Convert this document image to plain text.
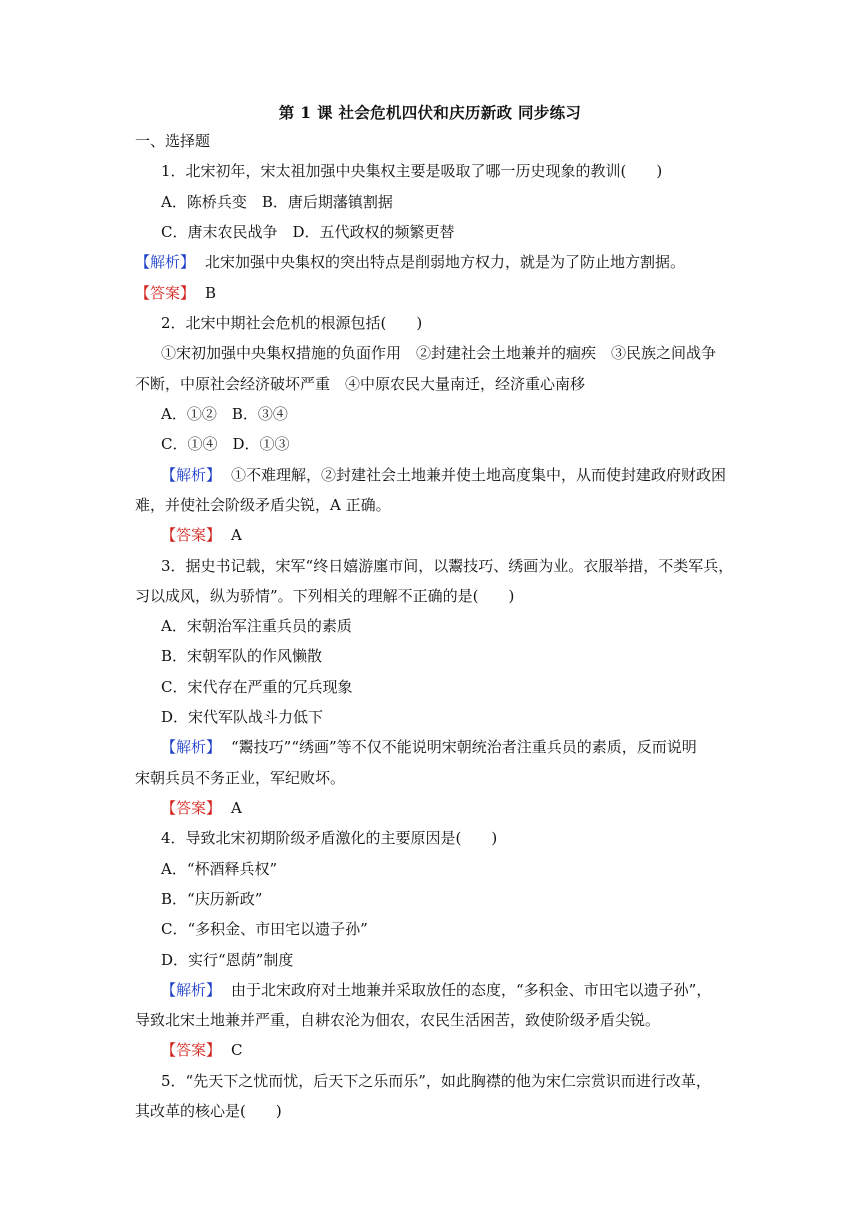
第 1 课 社会危机四伏和庆历新政 同步练习
一、选择题
1．北宋初年，宋太祖加强中央集权主要是吸取了哪一历史现象的教训(　　)
A．陈桥兵变　B．唐后期藩镇割据
C．唐末农民战争　D．五代政权的频繁更替
【解析】 北宋加强中央集权的突出特点是削弱地方权力，就是为了防止地方割据。
【答案】 B
2．北宋中期社会危机的根源包括(　　)
①宋初加强中央集权措施的负面作用　②封建社会土地兼并的痼疾　③民族之间战争
不断，中原社会经济破坏严重　④中原农民大量南迁，经济重心南移
A．①②　B．③④
C．①④　D．①③
【解析】 ①不难理解，②封建社会土地兼并使土地高度集中，从而使封建政府财政困
难，并使社会阶级矛盾尖锐，A 正确。
【答案】 A
3．据史书记载，宋军“终日嬉游廛市间，以鬻技巧、绣画为业。衣服举措，不类军兵，
习以成风，纵为骄情”。下列相关的理解不正确的是(　　)
A．宋朝治军注重兵员的素质
B．宋朝军队的作风懒散
C．宋代存在严重的冗兵现象
D．宋代军队战斗力低下
【解析】 “鬻技巧”“绣画”等不仅不能说明宋朝统治者注重兵员的素质，反而说明
宋朝兵员不务正业，军纪败坏。
【答案】 A
4．导致北宋初期阶级矛盾激化的主要原因是(　　)
A．“杯酒释兵权”
B．“庆历新政”
C．“多积金、市田宅以遗子孙”
D．实行“恩荫”制度
【解析】 由于北宋政府对土地兼并采取放任的态度，“多积金、市田宅以遗子孙”，
导致北宋土地兼并严重，自耕农沦为佃农，农民生活困苦，致使阶级矛盾尖锐。
【答案】 C
5．“先天下之忧而忧，后天下之乐而乐”，如此胸襟的他为宋仁宗赏识而进行改革，
其改革的核心是(　　)
